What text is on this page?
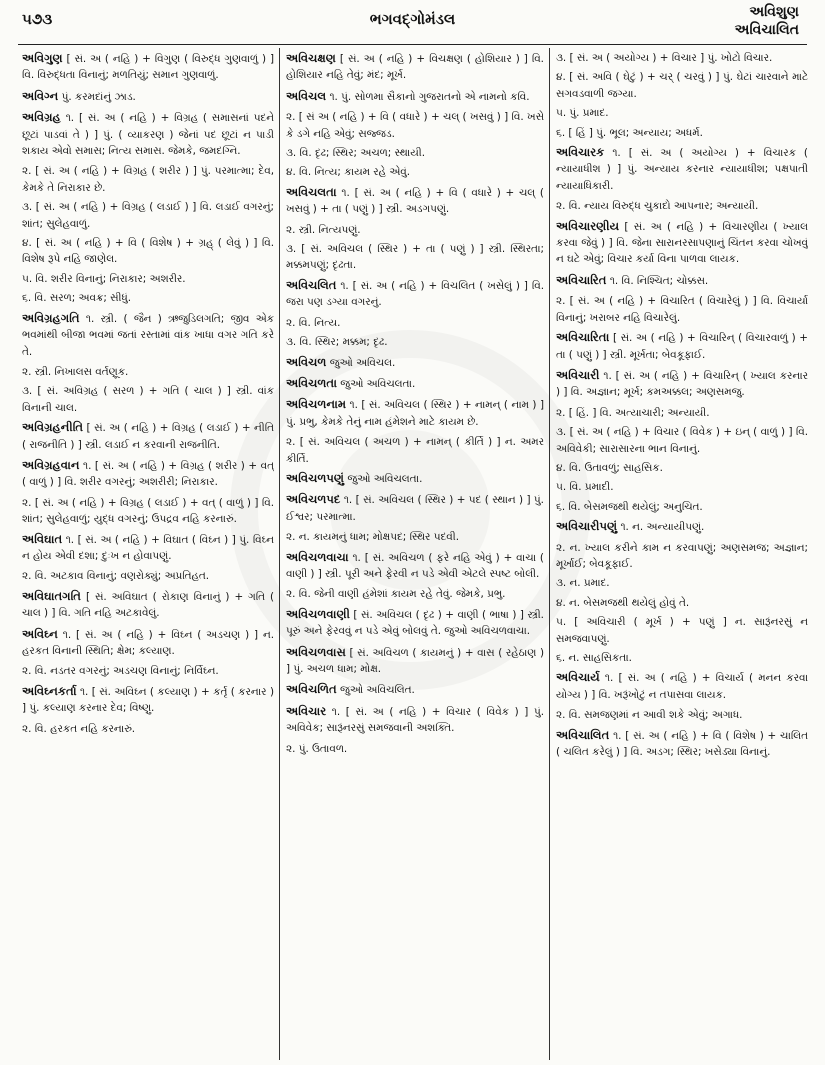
૫૭૩	ભગવદ્ગોમંડલ	અવિશુણ
અવિચાલિત

અવિગુણ [ સં. અ ( નહિ ) + વિગુણ ( વિરુદ્ધ ગુણવાળું ) ] વિ. વિરુદ્ધતા વિનાનું; મળતિયું; સમાન ગુણવાળું.

અવિગ્ન પું. કરમદાંનું ઝાડ.

અવિગ્રહ ૧. [ સં. અ ( નહિ ) + વિગ્રહ ( સમાસનાં પદને છૂટાં પાડવાં તે ) ] પું. ( વ્યાકરણ ) જેનાં પદ છૂટાં ન પાડી શકાય એવો સમાસ; નિત્ય સમાસ. જેમકે, જમદગ્નિ.

૨. [ સં. અ ( નહિ ) + વિગ્રહ ( શરીર ) ] પું. પરમાત્મા; દેવ, કેમકે તે નિરાકાર છે.

૩. [ સં. અ ( નહિ ) + વિગ્રહ ( લડાઈ ) ] વિ. લડાઈ વગરનું; શાંત; સુલેહવાળું.

૪. [ સં. અ ( નહિ ) + વિ ( વિશેષ ) + ગ્રહ્ ( લેવું ) ] વિ. વિશેષ રૂપે નહિ જાણેલ.

૫. વિ. શરીર વિનાનું; નિરાકાર; અશરીર.

૬. વિ. સરળ; અવક્ર; સીધું.

અવિગ્રહગતિ ૧. સ્ત્રી. ( જૈન ) ઋજુડિલગતિ; જીવ એક ભવમાંથી બીજા ભવમાં જતાં રસ્તામાં વાંક ખાધા વગર ગતિ કરે તે.

૨. સ્ત્રી. નિખાલસ વર્તણૂક.

૩. [ સં. અવિગ્રહ ( સરળ ) + ગતિ ( ચાલ ) ] સ્ત્રી. વાંક વિનાની ચાલ.

અવિગ્રહનીતિ [ સં. અ ( નહિ ) + વિગ્રહ ( લડાઈ ) + નીતિ ( રાજનીતિ ) ] સ્ત્રી. લડાઈ ન કરવાની રાજનીતિ.

અવિગ્રહવાન ૧. [ સં. અ ( નહિ ) + વિગ્રહ ( શરીર ) + વત્ ( વાળું ) ] વિ. શરીર વગરનું; અશરીરી; નિરાકાર.

૨. [ સં. અ ( નહિ ) + વિગ્રહ ( લડાઈ ) + વત્ ( વાળું ) ] વિ. શાંત; સુલેહવાળું; યુદ્ધ વગરનું; ઉપદ્રવ નહિ કરનારું.

અવિઘાત ૧. [ સં. અ ( નહિ ) + વિઘાત ( વિઘ્ન ) ] પું. વિઘ્ન ન હોય એવી દશા; દુઃખ ન હોવાપણું.

૨. વિ. અટકાવ વિનાનું; વણરોક્યું; અપ્રતિહત.

અવિઘાતગતિ [ સં. અવિઘાત ( રોકાણ વિનાનું ) + ગતિ ( ચાલ ) ] વિ. ગતિ નહિ અટકાવેલું.

અવિઘ્ન ૧. [ સં. અ ( નહિ ) + વિઘ્ન ( અડચણ ) ] ન. હરકત વિનાની સ્થિતિ; ક્ષેમ; કલ્યાણ.

૨. વિ. નડતર વગરનું; અડચણ વિનાનું; નિર્વિઘ્ન.

અવિઘ્નકર્તા ૧. [ સં. અવિઘ્ન ( કલ્યાણ ) + કર્તૃ ( કરનાર ) ] પું. કલ્યાણ કરનાર દેવ; વિષ્ણુ.

૨. વિ. હરકત નહિ કરનારું.

અવિચક્ષણ [ સં. અ ( નહિ ) + વિચક્ષણ ( હોશિયાર ) ] વિ. હોશિયાર નહિ તેવું; મંદ; મૂર્ખ.

અવિચલ ૧. પું. સોળમા સૈકાનો ગુજરાતનો એ નામનો કવિ.

૨. [ સં અ ( નહિ ) + વિ ( વધારે ) + ચલ્ ( ખસવું ) ] વિ. ખસે કે ડગે નહિ એવું; સજ્જડ.

૩. વિ. દૃઢ; સ્થિર; અચળ; સ્થાયી.

૪. વિ. નિત્ય; કાયમ રહે એવું.

અવિચલતા ૧. [ સં. અ ( નહિ ) + વિ ( વધારે ) + ચલ્ ( ખસવું ) + તા ( પણું ) ] સ્ત્રી. અડગપણું.

૨. સ્ત્રી. નિત્યપણું.

૩. [ સં. અવિચલ ( સ્થિર ) + તા ( પણું ) ] સ્ત્રી. સ્થિરતા; મક્કમપણું; દૃઢતા.

અવિચલિત ૧. [ સં. અ ( નહિ ) + વિચલિત ( ખસેલું ) ] વિ. જરા પણ ડગ્યા વગરનું.

૨. વિ. નિત્ય.

૩. વિ. સ્થિર; મક્કમ; દૃઢ.

અવિચળ જુઓ અવિચલ.

અવિચળતા જુઓ અવિચલતા.

અવિચળનામ ૧. [ સં. અવિચલ ( સ્થિર ) + નામન્ ( નામ ) ] પું. પ્રભુ, કેમકે તેનું નામ હંમેશને માટે કાયમ છે.

૨. [ સં. અવિચલ ( અચળ ) + નામન્ ( કીર્તિ ) ] ન. અમર કીર્તિ.

અવિચળપણું જુઓ અવિચલતા.

અવિચળપદ ૧. [ સં. અવિચલ ( સ્થિર ) + પદ ( સ્થાન ) ] પું. ઈશ્વર; પરમાત્મા.

૨. ન. કાયમનું ધામ; મોક્ષપદ; સ્થિર પદવી.

અવિચળવાચા ૧. [ સં. અવિચળ ( ફરે નહિ એવું ) + વાચા ( વાણી ) ] સ્ત્રી. પૂરી અને ફેરવી ન પડે એવી એટલે સ્પષ્ટ બોલી.

૨. વિ. જેની વાણી હંમેશાં કાયમ રહે તેવું. જેમકે, પ્રભુ.

અવિચળવાણી [ સં. અવિચલ ( દૃઢ ) + વાણી ( ભાષા ) ] સ્ત્રી. પૂરું અને ફેરવવું ન પડે એવું બોલવું તે. જુઓ અવિચળવાચા.

અવિચળવાસ [ સં. અવિચળ ( કાયમનું ) + વાસ ( રહેઠાણ ) ] પું. અચળ ધામ; મોક્ષ.

અવિચળિત જુઓ અવિચલિત.

અવિચાર ૧. [ સં. અ ( નહિ ) + વિચાર ( વિવેક ) ] પું. અવિવેક; સારૂંનરસું સમજવાની અશક્તિ.

૨. પું. ઉતાવળ.

૩. [ સં. અ ( અયોગ્ય ) + વિચાર ] પું. ખોટો વિચાર.

૪. [ સં. અવિ ( ઘેટું ) + ચર્ ( ચરવું ) ] પું. ઘેટાં ચારવાને માટે સગવડવાળી જગ્યા.

૫. પું. પ્રમાદ.

૬. [ હિં ] પું. ભૂલ; અન્યાય; અધર્મ.

અવિચારક ૧. [ સં. અ ( અયોગ્ય ) + વિચારક ( ન્યાયાધીશ ) ] પું. અન્યાય કરનાર ન્યાયાધીશ; પક્ષપાતી ન્યાયાધિકારી.

૨. વિ. ન્યાય વિરુદ્ધ ચુકાદો આપનાર; અન્યાયી.

અવિચારણીય [ સં. અ ( નહિ ) + વિચારણીય ( ખ્યાલ કરવા જેવું ) ] વિ. જેના સારાનરસાપણાનું ચિંતન કરવા ચોખવું ન ઘટે એવું; વિચાર કર્યા વિના પાળવા લાયક.

અવિચારિત ૧. વિ. નિશ્ચિત; ચોક્કસ.

૨. [ સં. અ ( નહિ ) + વિચારિત ( વિચારેલું ) ] વિ. વિચાર્યા વિનાનું; ખરાબર નહિ વિચારેલું.

અવિચારિતા [ સં. અ ( નહિ ) + વિચારિન્ ( વિચારવાળું ) + તા ( પણું ) ] સ્ત્રી. મૂર્ખતા; બેવકૂફાઈ.

અવિચારી ૧. [ સં. અ ( નહિ ) + વિચારિન્ ( ખ્યાલ કરનાર ) ] વિ. અજ્ઞાન; મૂર્ખ; કમઅક્કલ; અણસમજુ.

૨. [ હિં. ] વિ. અત્યાચારી; અન્યાયી.

૩. [ સં. અ ( નહિ ) + વિચાર ( વિવેક ) + ઇન્ ( વાળું ) ] વિ. અવિવેકી; સારાસારના ભાન વિનાનું.

૪. વિ. ઉતાવળું; સાહસિક.

૫. વિ. પ્રમાદી.

૬. વિ. બેસમજથી થયેલું; અનુચિત.

અવિચારીપણું ૧. ન. અન્યાયીપણું.

૨. ન. ખ્યાલ કરીને કામ ન કરવાપણું; અણસમજ; અજ્ઞાન; મૂર્ખાઈ; બેવકૂફાઈ.

૩. ન. પ્રમાદ.

૪. ન. બેસમજથી થયેલું હોવું તે.

૫. [ અવિચારી ( મૂર્ખ ) + પણું ] ન. સારૂંનરસું ન સમજવાપણું.

૬. ન. સાહસિકતા.

અવિચાર્ય ૧. [ સં. અ ( નહિ ) + વિચાર્ય ( મનન કરવા યોગ્ય ) ] વિ. ખરૂંખોટું ન તપાસવા લાયક.

૨. વિ. સમજણમાં ન આવી શકે એવું; અગાધ.

અવિચાલિત ૧. [ સં. અ ( નહિ ) + વિ ( વિશેષ ) + ચાલિત ( ચલિત કરેલું ) ] વિ. અડગ; સ્થિર; ખસેડ્યા વિનાનું.
